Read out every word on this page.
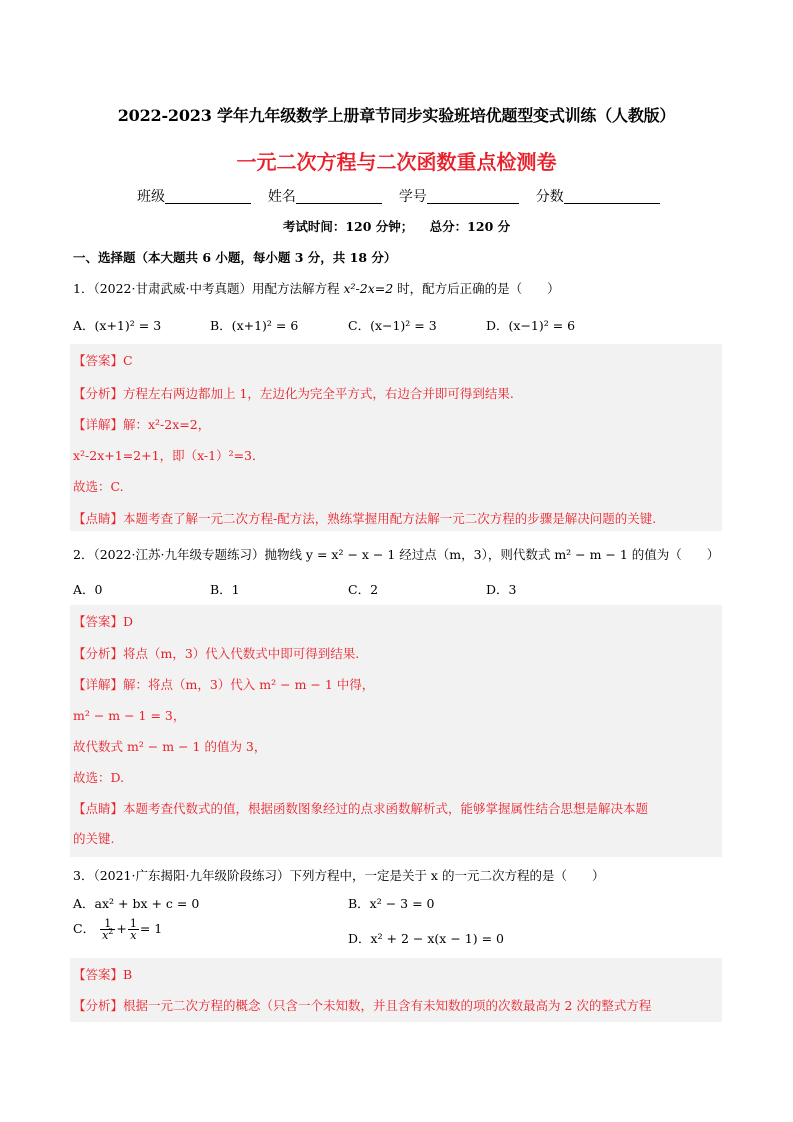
2022-2023 学年九年级数学上册章节同步实验班培优题型变式训练（人教版）
一元二次方程与二次函数重点检测卷
班级	姓名	学号	分数
考试时间：120 分钟； 总分：120 分
一、选择题（本大题共 6 小题，每小题 3 分，共 18 分）
1．（2022·甘肃武威·中考真题）用配方法解方程 x²-2x=2 时，配方后正确的是（　　）
A．(x+1)² = 3	B．(x+1)² = 6	C．(x−1)² = 3	D．(x−1)² = 6
【答案】C
【分析】方程左右两边都加上 1，左边化为完全平方式，右边合并即可得到结果.
【详解】解：x²-2x=2，
x²-2x+1=2+1，即（x-1）²=3．
故选：C.
【点睛】本题考查了解一元二次方程-配方法，熟练掌握用配方法解一元二次方程的步骤是解决问题的关键.
2．（2022·江苏·九年级专题练习）抛物线 y = x² − x − 1 经过点（m，3），则代数式 m² − m − 1 的值为（　　）
A．0	B．1	C．2	D．3
【答案】D
【分析】将点（m，3）代入代数式中即可得到结果.
【详解】解：将点（m，3）代入 m² − m − 1 中得，
m² − m − 1 = 3，
故代数式 m² − m − 1 的值为 3，
故选：D.
【点睛】本题考查代数式的值，根据函数图象经过的点求函数解析式，能够掌握属性结合思想是解决本题
的关键.
3．（2021·广东揭阳·九年级阶段练习）下列方程中，一定是关于 x 的一元二次方程的是（　　）
A．ax² + bx + c = 0	B．x² − 3 = 0
C． $\frac{1}{x^2} + \frac{1}{x} = 1$
D．x² + 2 − x(x − 1) = 0
【答案】B
【分析】根据一元二次方程的概念（只含一个未知数，并且含有未知数的项的次数最高为 2 次的整式方程
